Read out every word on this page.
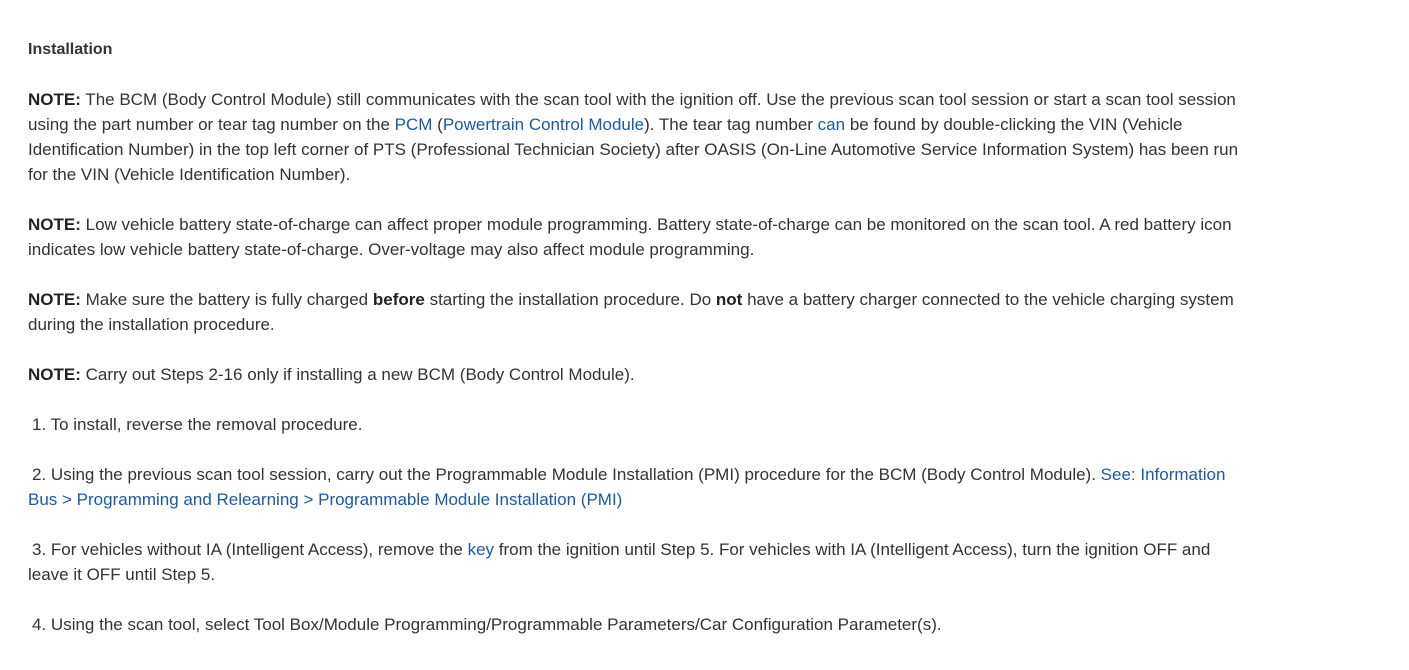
Installation
NOTE: The BCM (Body Control Module) still communicates with the scan tool with the ignition off. Use the previous scan tool session or start a scan tool session using the part number or tear tag number on the PCM (Powertrain Control Module). The tear tag number can be found by double-clicking the VIN (Vehicle Identification Number) in the top left corner of PTS (Professional Technician Society) after OASIS (On-Line Automotive Service Information System) has been run for the VIN (Vehicle Identification Number).
NOTE: Low vehicle battery state-of-charge can affect proper module programming. Battery state-of-charge can be monitored on the scan tool. A red battery icon indicates low vehicle battery state-of-charge. Over-voltage may also affect module programming.
NOTE: Make sure the battery is fully charged before starting the installation procedure. Do not have a battery charger connected to the vehicle charging system during the installation procedure.
NOTE: Carry out Steps 2-16 only if installing a new BCM (Body Control Module).
1. To install, reverse the removal procedure.
2. Using the previous scan tool session, carry out the Programmable Module Installation (PMI) procedure for the BCM (Body Control Module). See: Information Bus > Programming and Relearning > Programmable Module Installation (PMI)
3. For vehicles without IA (Intelligent Access), remove the key from the ignition until Step 5. For vehicles with IA (Intelligent Access), turn the ignition OFF and leave it OFF until Step 5.
4. Using the scan tool, select Tool Box/Module Programming/Programmable Parameters/Car Configuration Parameter(s).
